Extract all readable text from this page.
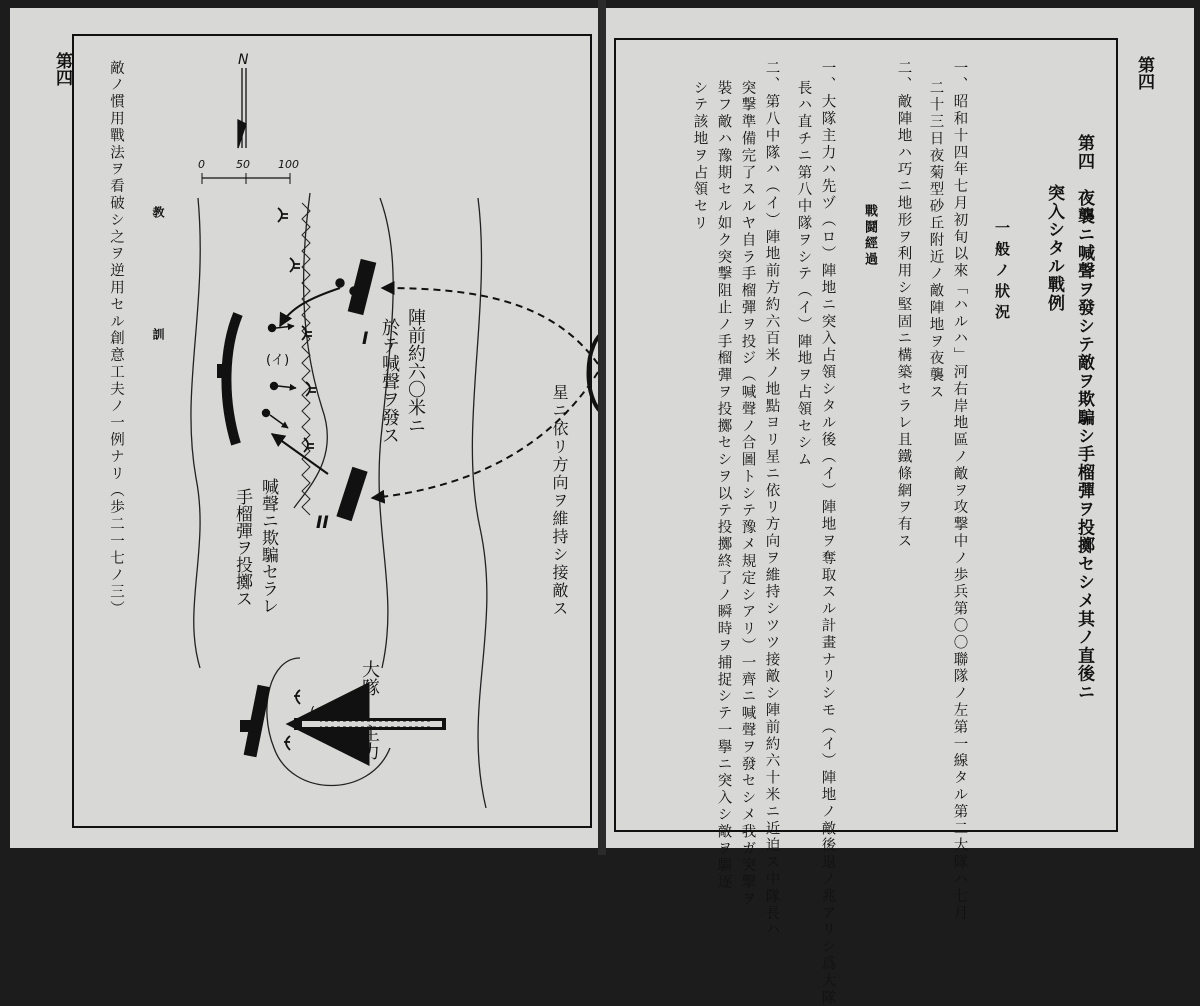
第四 敵ノ慣用戰法ヲ看破シ之ヲ逆用セル創意工夫ノ一例ナリ（歩二一七ノ三）	(イ)
(ロ)
I
II
N
0	50	100
教
訓	陣前約六〇米ニ
於テ喊聲ヲ發ス
喊聲ニ欺騙セラレ
手榴彈ヲ投擲ス	星ニ依リ方向ヲ維持シ接敵ス
大隊
主力
第四
第四　夜襲ニ喊聲ヲ發シテ敵ヲ欺騙シ手榴彈ヲ投擲セシメ其ノ直後ニ
突入シタル戰例
一般ノ狀況
一、昭和十四年七月初旬以來「ハルハ」河右岸地區ノ敵ヲ攻撃中ノ歩兵第〇〇聯隊ノ左第一線タル第二大隊ハ七月
二十三日夜菊型砂丘附近ノ敵陣地ヲ夜襲ス
二、敵陣地ハ巧ニ地形ヲ利用シ堅固ニ構築セラレ且鐵條網ヲ有ス
戰鬪經過
一、大隊主力ハ先ヅ（ロ）陣地ニ突入占領シタル後（イ）陣地ヲ奪取スル計畫ナリシモ（イ）陣地ノ敵後退ノ兆アリシ爲大隊
長ハ直チニ第八中隊ヲシテ（イ）陣地ヲ占領セシム
二、第八中隊ハ（イ）陣地前方約六百米ノ地點ヨリ星ニ依リ方向ヲ維持シツツ接敵シ陣前約六十米ニ近迫ス中隊長ハ
突撃準備完了スルヤ自ラ手榴彈ヲ投ジ（喊聲ノ合圖トシテ豫メ規定シアリ）一齊ニ喊聲ヲ發セシメ我ガ突撃ヲ
裝フ敵ハ豫期セル如ク突撃阻止ノ手榴彈ヲ投擲セシヲ以テ投擲終了ノ瞬時ヲ捕捉シテ一擧ニ突入シ敵ヲ驅逐
シテ該地ヲ占領セリ
